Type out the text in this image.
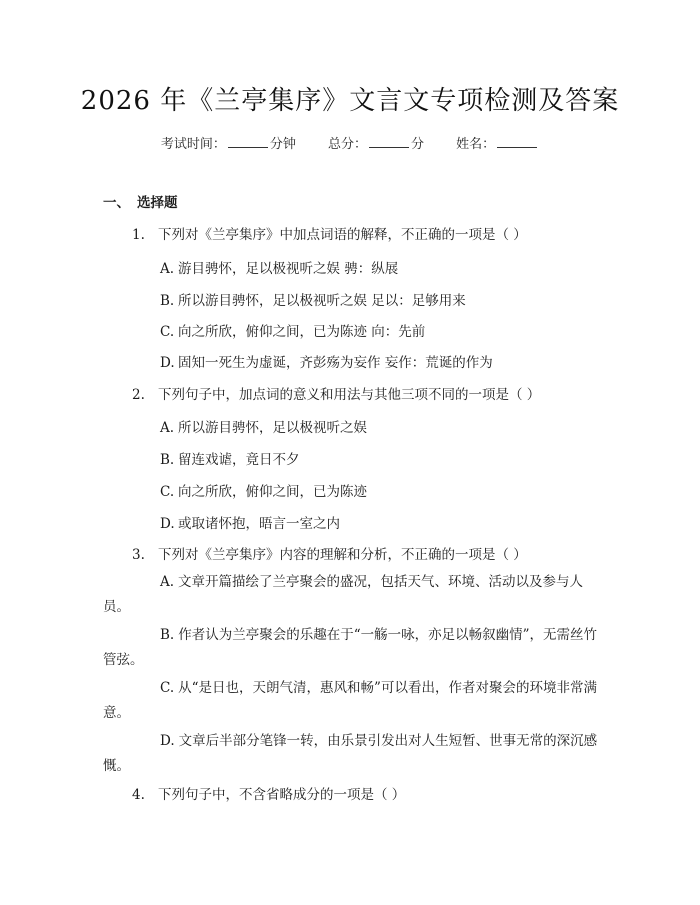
2026 年《兰亭集序》文言文专项检测及答案
考试时间：	分钟 总分：	分 姓名：
一、 选择题
1. 下列对《兰亭集序》中加点词语的解释，不正确的一项是（ ）
A. 游目骋怀，足以极视听之娱 骋：纵展
B. 所以游目骋怀，足以极视听之娱 足以：足够用来
C. 向之所欣，俯仰之间，已为陈迹 向：先前
D. 固知一死生为虚诞，齐彭殇为妄作 妄作：荒诞的作为
2. 下列句子中，加点词的意义和用法与其他三项不同的一项是（ ）
A. 所以游目骋怀，足以极视听之娱
B. 留连戏谑，竟日不夕
C. 向之所欣，俯仰之间，已为陈迹
D. 或取诸怀抱，晤言一室之内
3. 下列对《兰亭集序》内容的理解和分析，不正确的一项是（ ）
A. 文章开篇描绘了兰亭聚会的盛况，包括天气、环境、活动以及参与人员。
B. 作者认为兰亭聚会的乐趣在于“一觞一咏，亦足以畅叙幽情”，无需丝竹管弦。
C. 从“是日也，天朗气清，惠风和畅”可以看出，作者对聚会的环境非常满意。
D. 文章后半部分笔锋一转，由乐景引发出对人生短暂、世事无常的深沉感慨。
4. 下列句子中，不含省略成分的一项是（ ）
